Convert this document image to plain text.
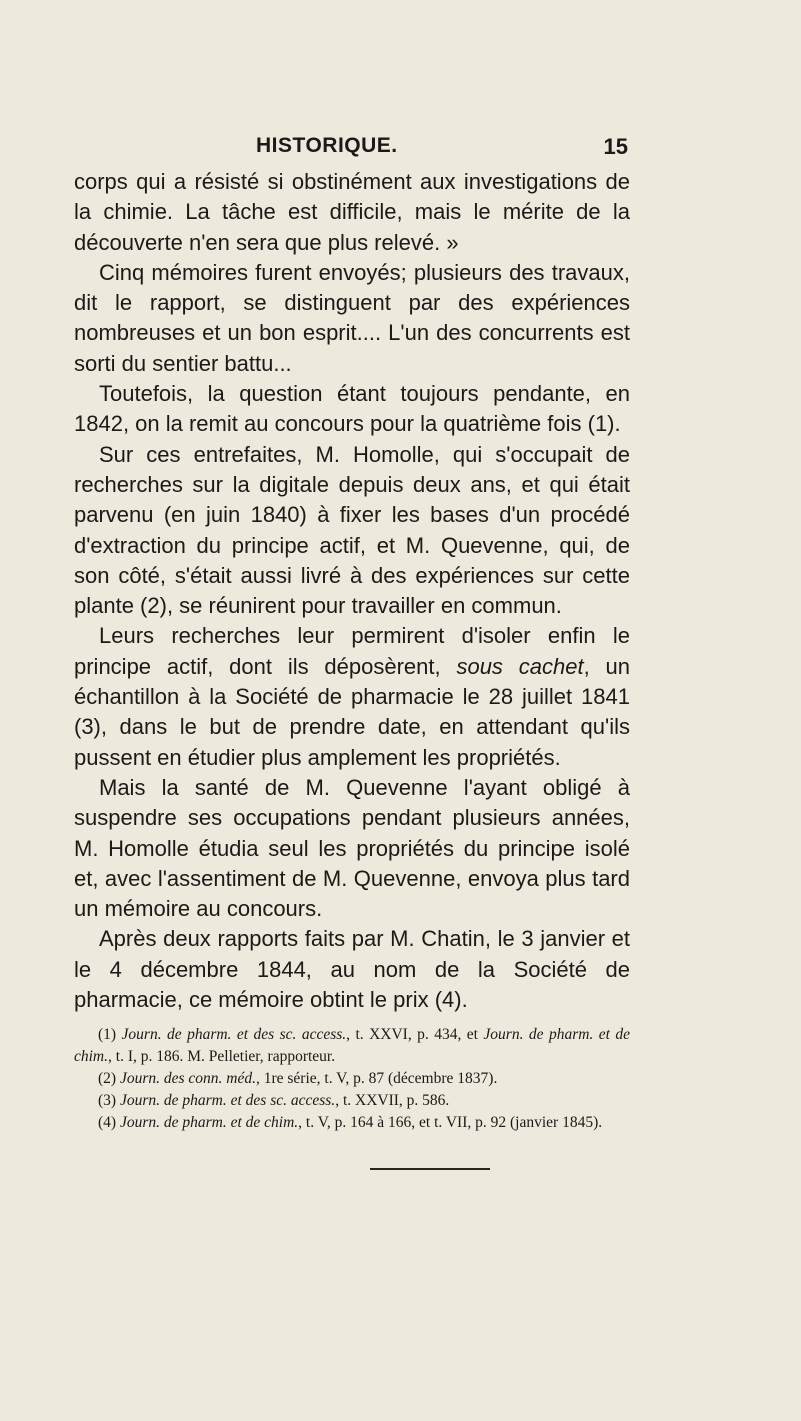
HISTORIQUE.	15

corps qui a résisté si obstinément aux investigations de la chimie. La tâche est difficile, mais le mérite de la découverte n'en sera que plus relevé. »

Cinq mémoires furent envoyés; plusieurs des travaux, dit le rapport, se distinguent par des expériences nombreuses et un bon esprit.... L'un des concurrents est sorti du sentier battu...

Toutefois, la question étant toujours pendante, en 1842, on la remit au concours pour la quatrième fois (1).

Sur ces entrefaites, M. Homolle, qui s'occupait de recherches sur la digitale depuis deux ans, et qui était parvenu (en juin 1840) à fixer les bases d'un procédé d'extraction du principe actif, et M. Quevenne, qui, de son côté, s'était aussi livré à des expériences sur cette plante (2), se réunirent pour travailler en commun.

Leurs recherches leur permirent d'isoler enfin le principe actif, dont ils déposèrent, sous cachet, un échantillon à la Société de pharmacie le 28 juillet 1841 (3), dans le but de prendre date, en attendant qu'ils pussent en étudier plus amplement les propriétés.

Mais la santé de M. Quevenne l'ayant obligé à suspendre ses occupations pendant plusieurs années, M. Homolle étudia seul les propriétés du principe isolé et, avec l'assentiment de M. Quevenne, envoya plus tard un mémoire au concours.

Après deux rapports faits par M. Chatin, le 3 janvier et le 4 décembre 1844, au nom de la Société de pharmacie, ce mémoire obtint le prix (4).

(1) Journ. de pharm. et des sc. access., t. XXVI, p. 434, et Journ. de pharm. et de chim., t. I, p. 186. M. Pelletier, rapporteur.

(2) Journ. des conn. méd., 1re série, t. V, p. 87 (décembre 1837).

(3) Journ. de pharm. et des sc. access., t. XXVII, p. 586.

(4) Journ. de pharm. et de chim., t. V, p. 164 à 166, et t. VII, p. 92 (janvier 1845).
